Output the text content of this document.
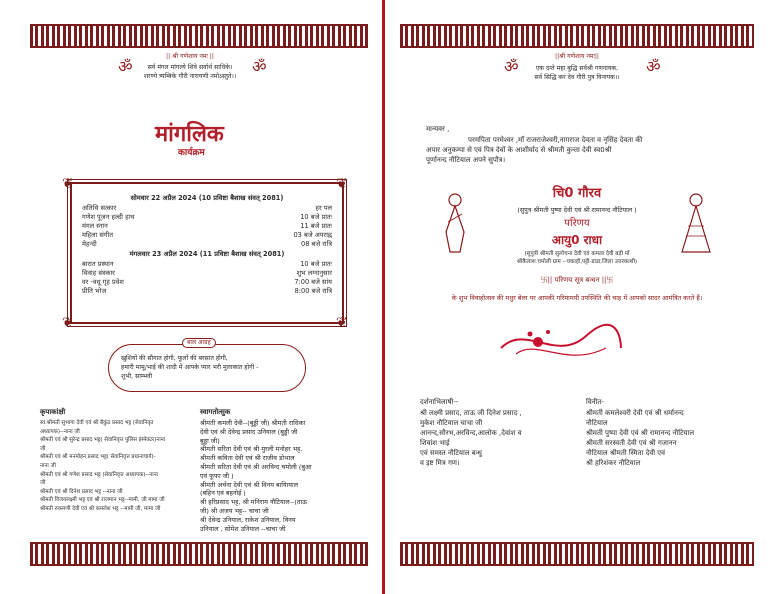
ॐ	ॐ
|| श्री गणेशाय नमः ||
सर्व मंगल मांगल्ये शिवे सर्वार्थ साधिके।
शरण्ये त्र्यम्बिके गौरी नारायणी नमोऽस्तुते।।
मांगलिक
कार्यक्रम
सोमवार 22 अप्रैल 2024 (10 प्रविष्टा बैशाख संवत् 2081)
अतिथि सत्कार	हर पल
गणेश पूजन हल्दी हाथ	10 बजे प्रातः
मंगल स्नान	11 बजे प्रातः
महिला संगीत	03 बजे अपराह्न
मेहन्दी	08 बजे रात्रि
मंगलवार 23 अप्रैल 2024 (11 प्रविष्टा बैशाख संवत् 2081)
बारात प्रस्थान	10 बजे प्रातः
विवाह संस्कार	शुभ लग्नानुसार
वर -वधू गृह प्रवेश	7:00 बजे सांय
प्रीति भोज	8:00 बजे रात्रि
❦	❦
❦	❦
खुशियों की सौगात होगी, फूलों की बरसात होगी,
हमारी मामू/भाई की शादी में आपके प्यार भरी मुलाकात होगी -
शुभी, साम्भवी
बाल आग्रह
कृपाकांक्षी
स्व.श्रीमती सुभागा देवी एवं श्री बैकुंठ प्रसाद भट्ट (सेवानिवृत
अध्यापक)--नाना जी
श्रीमती एवं श्री सुरेन्द्र प्रसाद भट्ट( सेवानिवृत्त पुलिस इंस्पेक्टर)नाना
जी
श्रीमती एवं श्री मनमोहन प्रसाद भट्ट( सेवानिवृत्त प्रधानाचार्य)-
नाना जी
श्रीमती एवं श्री गणेश प्रसाद भट्ट (सेवानिवृत्त अध्यापक)--नाना
जी
श्रीमती एवं श्री दिनेश प्रसाद भट्ट --नाना जी
श्रीमती विजयलक्ष्मी भट्ट एवं श्री राजमान भट्ट--मामी, जी मामा जी
श्रीमती रुकमणी देवी एवं श्री कमलेश भट्ट --मामी जी, मामा जी
स्वागतोत्सुक
श्रीमती कमली देवी--(बुड्डी जी) श्रीमती राधिका
देवी एवं श्री देवेन्द्र प्रसाद उनियाल (बुड्डी जी
बुड्डा जी)
श्रीमती सरिता देवी एवं श्री मुरली मनोहर भट्ट.
श्रीमती कविता देवी एवं श्री राजीव डोभाल
श्रीमती सरिता देवी एवं श्री अरविन्द चमोली (बुआ
एवं फूफा जी )
श्रीमती अर्चना देवी एवं श्री विनय बायाियाल
(बहिन एवं बहनोई )
श्री हरिप्रसाद भट्ट, श्री मनिराम नौटियाल--(ताऊ
जी) श्री अजय भट्ट-- चाचा जी
श्री देवेन्द्र उनियाल, राकेश उनियाल, विनय
उनियाल , सोमेश उनियाल --चाचा जी
ॐ	ॐ
||श्री गणेशाय नमः||
एक दन्ते महा बुद्धि सर्वश्री गणनायक,
सर्व सिद्धि कर देव गौरी पुत्र विनायक।।
मान्यवर ,
परमपिता परमेश्वर ,माँ राजराजेश्वरी,नागराज देवता व नृसिंह देवता की
अपार अनुकम्पा से एवं पित्र देवों के आशीर्वाद से श्रीमती कुन्ता देवी स्व0श्री
पूर्णानन्द नौटियाल अपने सुपौत्र।
चि0 गौरव
(सुपुत्र श्रीमती पुष्पा देवी एवं श्री रामानन्द नौटियाल )
परिणय
आयु0 राधा
(सुपुत्री श्रीमती सुलोचना देवी एवं कमला देवी बड़ी माँ
श्रीकैलाश चमोली ग्राम --चकाही,पट्टी-डाडा,जिला उत्तरकाशी)
卐|| परिणय सूत्र बन्धन ||卐
के शुभ विवाहोत्सव की मधुर बेला पर आपकी गरिमामयी उपस्थिति की चाह में आपको सादर आमंत्रित करते हैं।
दर्शनाभिलाषी--
श्री लक्ष्मी प्रसाद, ताऊ जी दिनेश प्रसाद ,
मुकेश नौटियाल चाचा जी
आनन्द,सौरभ,अरविन्द,आलोक ,देवांश व
शिवांश भाई
एवं समस्त नौटियाल बन्धु
व इष्ट मित्र गण।
विनीत-
श्रीमती कमलेश्वरी देवी एवं श्री धर्मानन्द
नौटियाल
श्रीमती पुष्पा देवी एवं श्री रामानन्द नौटियाल
श्रीमती सरस्वती देवी एवं श्री गजानन
नौटियाल श्रीमती स्मिता देवी एवं
श्री हरिशंकर नौटियाल
